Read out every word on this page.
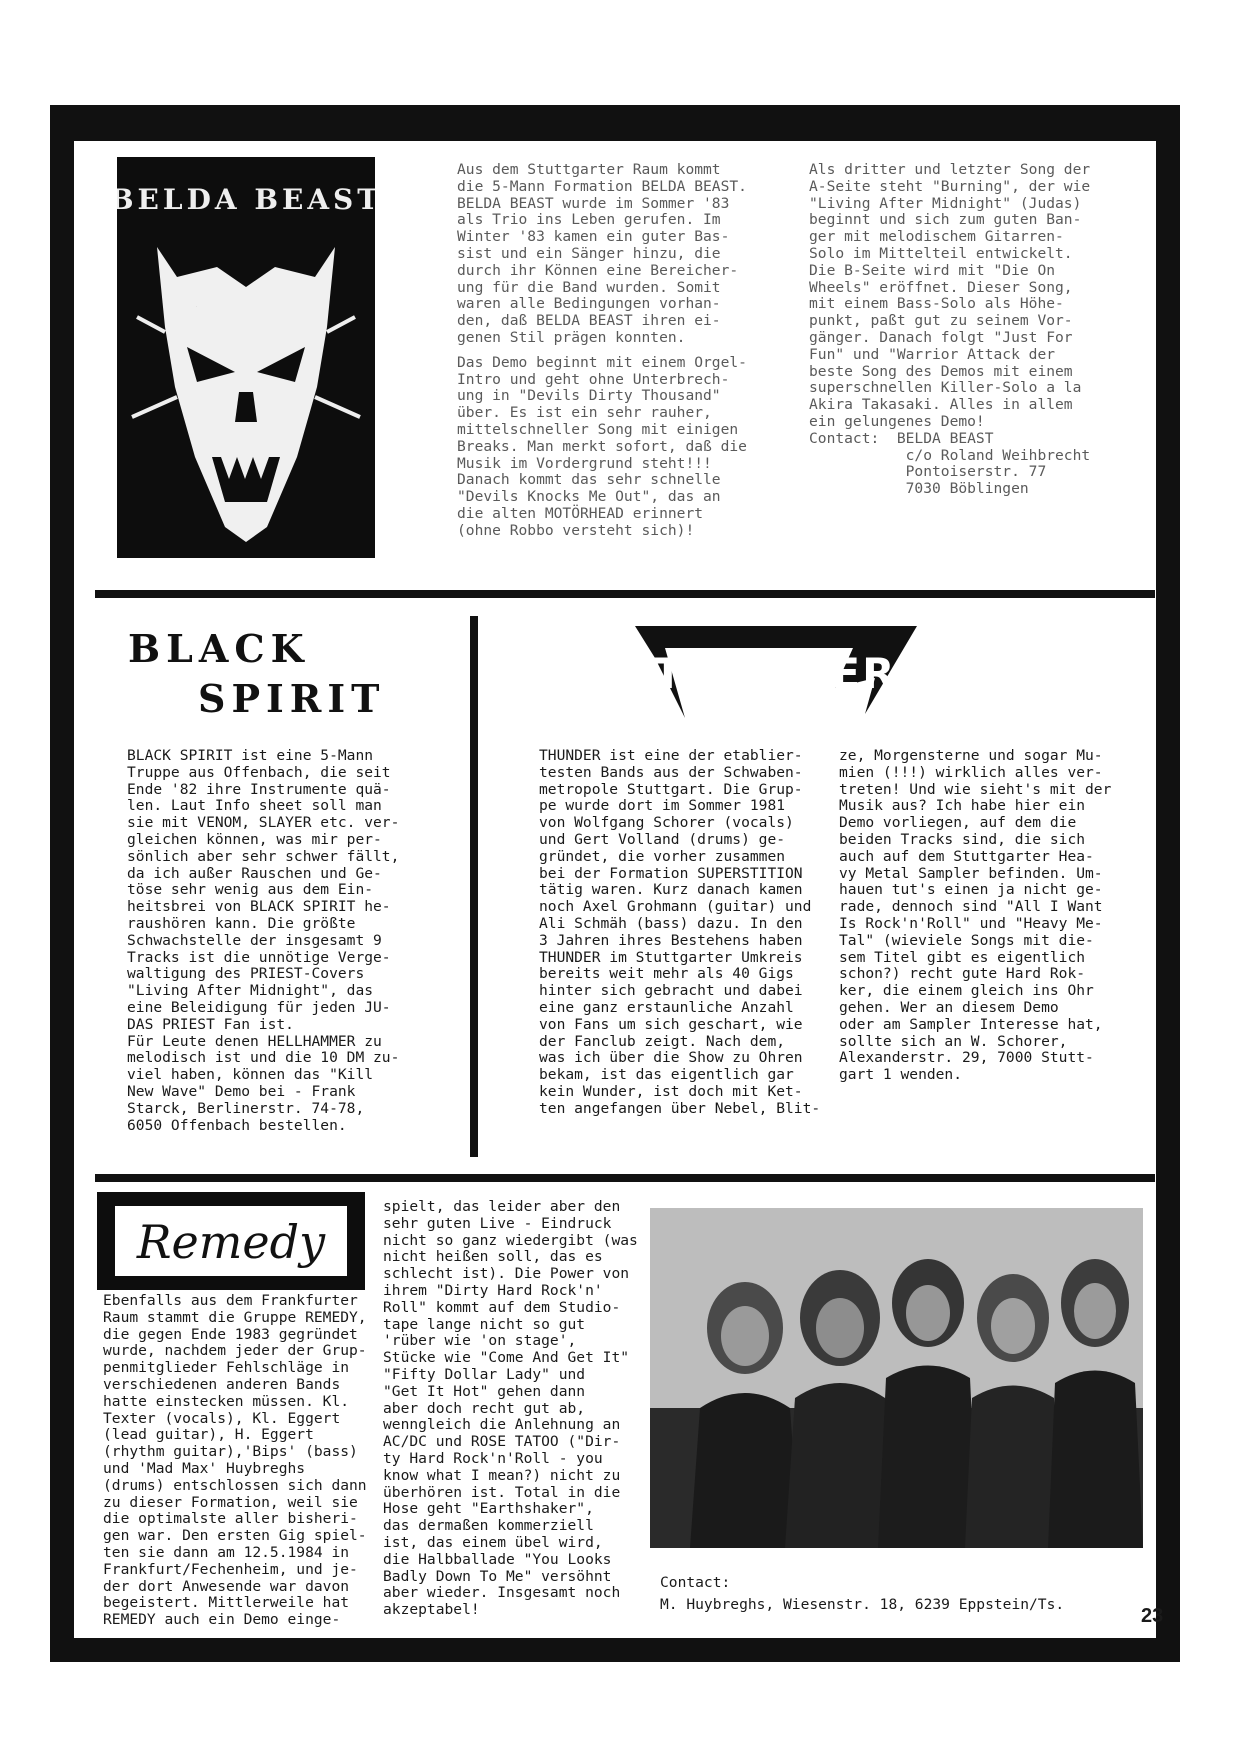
BELDA BEAST
Aus dem Stuttgarter Raum kommt
die 5-Mann Formation BELDA BEAST.
BELDA BEAST wurde im Sommer '83
als Trio ins Leben gerufen. Im
Winter '83 kamen ein guter Bas-
sist und ein Sänger hinzu, die
durch ihr Können eine Bereicher-
ung für die Band wurden. Somit
waren alle Bedingungen vorhan-
den, daß BELDA BEAST ihren ei-
genen Stil prägen konnten.

Das Demo beginnt mit einem Orgel-
Intro und geht ohne Unterbrech-
ung in "Devils Dirty Thousand"
über. Es ist ein sehr rauher,
mittelschneller Song mit einigen
Breaks. Man merkt sofort, daß die
Musik im Vordergrund steht!!!
Danach kommt das sehr schnelle
"Devils Knocks Me Out", das an
die alten MOTÖRHEAD erinnert
(ohne Robbo versteht sich)!
Als dritter und letzter Song der
A-Seite steht "Burning", der wie
"Living After Midnight" (Judas)
beginnt und sich zum guten Ban-
ger mit melodischem Gitarren-
Solo im Mittelteil entwickelt.
Die B-Seite wird mit "Die On
Wheels" eröffnet. Dieser Song,
mit einem Bass-Solo als Höhe-
punkt, paßt gut zu seinem Vor-
gänger. Danach folgt "Just For
Fun" und "Warrior Attack der
beste Song des Demos mit einem
superschnellen Killer-Solo a la
Akira Takasaki. Alles in allem
ein gelungenes Demo!
Contact:  BELDA BEAST
c/o Roland Weihbrecht
Pontoiserstr. 77
7030 Böblingen
BLACK
SPIRIT
BLACK SPIRIT ist eine 5-Mann
Truppe aus Offenbach, die seit
Ende '82 ihre Instrumente quä-
len. Laut Info sheet soll man
sie mit VENOM, SLAYER etc. ver-
gleichen können, was mir per-
sönlich aber sehr schwer fällt,
da ich außer Rauschen und Ge-
töse sehr wenig aus dem Ein-
heitsbrei von BLACK SPIRIT he-
raushören kann. Die größte
Schwachstelle der insgesamt 9
Tracks ist die unnötige Verge-
waltigung des PRIEST-Covers
"Living After Midnight", das
eine Beleidigung für jeden JU-
DAS PRIEST Fan ist.
Für Leute denen HELLHAMMER zu
melodisch ist und die 10 DM zu-
viel haben, können das "Kill
New Wave" Demo bei - Frank
Starck, Berlinerstr. 74-78,
6050 Offenbach bestellen.
THUNDER
THUNDER ist eine der etablier-
testen Bands aus der Schwaben-
metropole Stuttgart. Die Grup-
pe wurde dort im Sommer 1981
von Wolfgang Schorer (vocals)
und Gert Volland (drums) ge-
gründet, die vorher zusammen
bei der Formation SUPERSTITION
tätig waren. Kurz danach kamen
noch Axel Grohmann (guitar) und
Ali Schmäh (bass) dazu. In den
3 Jahren ihres Bestehens haben
THUNDER im Stuttgarter Umkreis
bereits weit mehr als 40 Gigs
hinter sich gebracht und dabei
eine ganz erstaunliche Anzahl
von Fans um sich geschart, wie
der Fanclub zeigt. Nach dem,
was ich über die Show zu Ohren
bekam, ist das eigentlich gar
kein Wunder, ist doch mit Ket-
ten angefangen über Nebel, Blit-
ze, Morgensterne und sogar Mu-
mien (!!!) wirklich alles ver-
treten! Und wie sieht's mit der
Musik aus? Ich habe hier ein
Demo vorliegen, auf dem die
beiden Tracks sind, die sich
auch auf dem Stuttgarter Hea-
vy Metal Sampler befinden. Um-
hauen tut's einen ja nicht ge-
rade, dennoch sind "All I Want
Is Rock'n'Roll" und "Heavy Me-
Tal" (wieviele Songs mit die-
sem Titel gibt es eigentlich
schon?) recht gute Hard Rok-
ker, die einem gleich ins Ohr
gehen. Wer an diesem Demo
oder am Sampler Interesse hat,
sollte sich an W. Schorer,
Alexanderstr. 29, 7000 Stutt-
gart 1 wenden.
Remedy
Ebenfalls aus dem Frankfurter
Raum stammt die Gruppe REMEDY,
die gegen Ende 1983 gegründet
wurde, nachdem jeder der Grup-
penmitglieder Fehlschläge in
verschiedenen anderen Bands
hatte einstecken müssen. Kl.
Texter (vocals), Kl. Eggert
(lead guitar), H. Eggert
(rhythm guitar),'Bips' (bass)
und 'Mad Max' Huybreghs
(drums) entschlossen sich dann
zu dieser Formation, weil sie
die optimalste aller bisheri-
gen war. Den ersten Gig spiel-
ten sie dann am 12.5.1984 in
Frankfurt/Fechenheim, und je-
der dort Anwesende war davon
begeistert. Mittlerweile hat
REMEDY auch ein Demo einge-
spielt, das leider aber den
sehr guten Live - Eindruck
nicht so ganz wiedergibt (was
nicht heißen soll, das es
schlecht ist). Die Power von
ihrem "Dirty Hard Rock'n'
Roll" kommt auf dem Studio-
tape lange nicht so gut
'rüber wie 'on stage',
Stücke wie "Come And Get It"
"Fifty Dollar Lady" und
"Get It Hot" gehen dann
aber doch recht gut ab,
wenngleich die Anlehnung an
AC/DC und ROSE TATOO ("Dir-
ty Hard Rock'n'Roll - you
know what I mean?) nicht zu
überhören ist. Total in die
Hose geht "Earthshaker",
das dermaßen kommerziell
ist, das einem übel wird,
die Halbballade "You Looks
Badly Down To Me" versöhnt
aber wieder. Insgesamt noch
akzeptabel!
Contact:
M. Huybreghs, Wiesenstr. 18, 6239 Eppstein/Ts.
23
